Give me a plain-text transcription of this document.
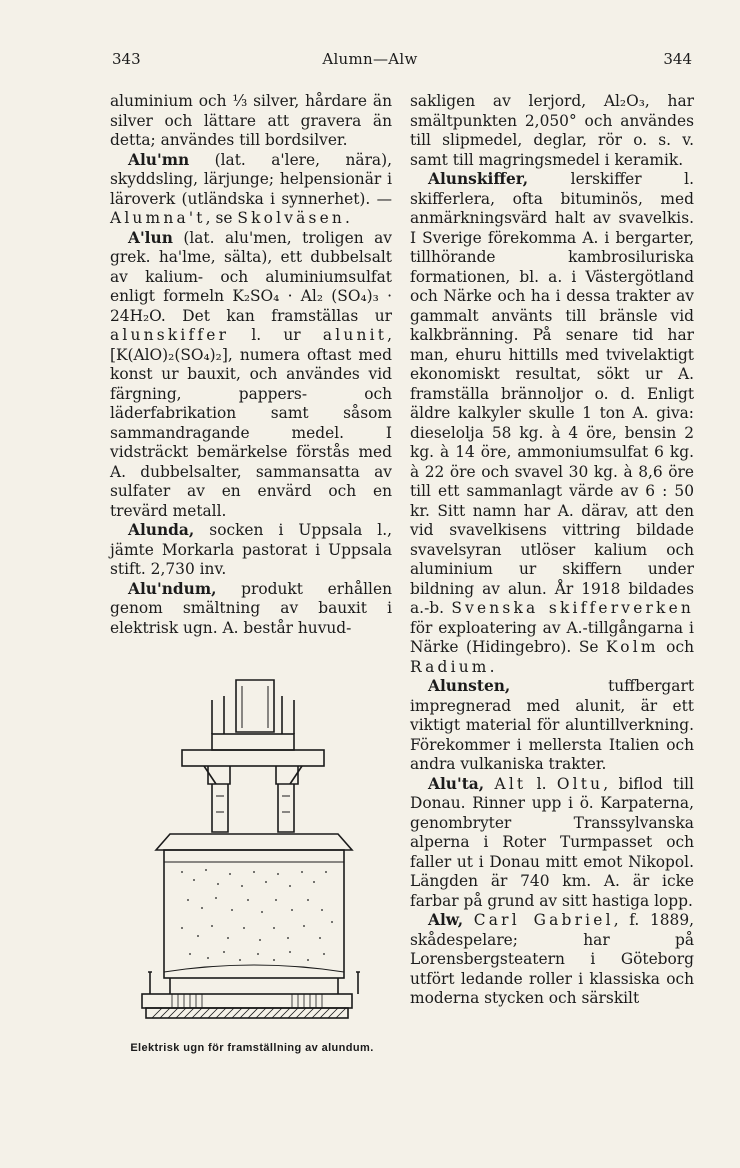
343	Alumn—Alw	344

aluminium och ⅓ silver, hårdare än silver och lättare att gravera än detta; användes till bordsilver.

Alu'mn (lat. a'lere, nära), skyddsling, lärjunge; helpensionär i läroverk (utländska i synnerhet). — Alumna't, se Skolväsen.

A'lun (lat. alu'men, troligen av grek. ha'lme, sälta), ett dubbelsalt av kalium- och aluminiumsulfat enligt formeln K₂SO₄ · Al₂ (SO₄)₃ · 24H₂O. Det kan framställas ur alunskiffer l. ur alunit, [K(AlO)₂(SO₄)₂], numera oftast med konst ur bauxit, och användes vid färgning, pappers- och läderfabrikation samt såsom sammandragande medel. I vidsträckt bemärkelse förstås med A. dubbelsalter, sammansatta av sulfater av en envärd och en trevärd metall.

Alunda, socken i Uppsala l., jämte Morkarla pastorat i Uppsala stift. 2,730 inv.

Alu'ndum, produkt erhållen genom smältning av bauxit i elektrisk ugn. A. består huvud-

Elektrisk ugn för framställning av alundum.

sakligen av lerjord, Al₂O₃, har smältpunkten 2,050° och användes till slipmedel, deglar, rör o. s. v. samt till magringsmedel i keramik.

Alunskiffer, lerskiffer l. skifferlera, ofta bituminös, med anmärkningsvärd halt av svavelkis. I Sverige förekomma A. i bergarter, tillhörande kambrosiluriska formationen, bl. a. i Västergötland och Närke och ha i dessa trakter av gammalt använts till bränsle vid kalkbränning. På senare tid har man, ehuru hittills med tvivelaktigt ekonomiskt resultat, sökt ur A. framställa brännoljor o. d. Enligt äldre kalkyler skulle 1 ton A. giva: dieselolja 58 kg. à 4 öre, bensin 2 kg. à 14 öre, ammoniumsulfat 6 kg. à 22 öre och svavel 30 kg. à 8,6 öre till ett sammanlagt värde av 6 : 50 kr. Sitt namn har A. därav, att den vid svavelkisens vittring bildade svavelsyran utlöser kalium och aluminium ur skiffern under bildning av alun. År 1918 bildades a.-b. Svenska skifferverken för exploatering av A.-tillgångarna i Närke (Hidingebro). Se Kolm och Radium.

Alunsten, tuffbergart impregnerad med alunit, är ett viktigt material för aluntillverkning. Förekommer i mellersta Italien och andra vulkaniska trakter.

Alu'ta, Alt l. Oltu, biflod till Donau. Rinner upp i ö. Karpaterna, genombryter Transsylvanska alperna i Roter Turmpasset och faller ut i Donau mitt emot Nikopol. Längden är 740 km. A. är icke farbar på grund av sitt hastiga lopp.

Alw, Carl Gabriel, f. 1889, skådespelare; har på Lorensbergsteatern i Göteborg utfört ledande roller i klassiska och moderna stycken och särskilt
